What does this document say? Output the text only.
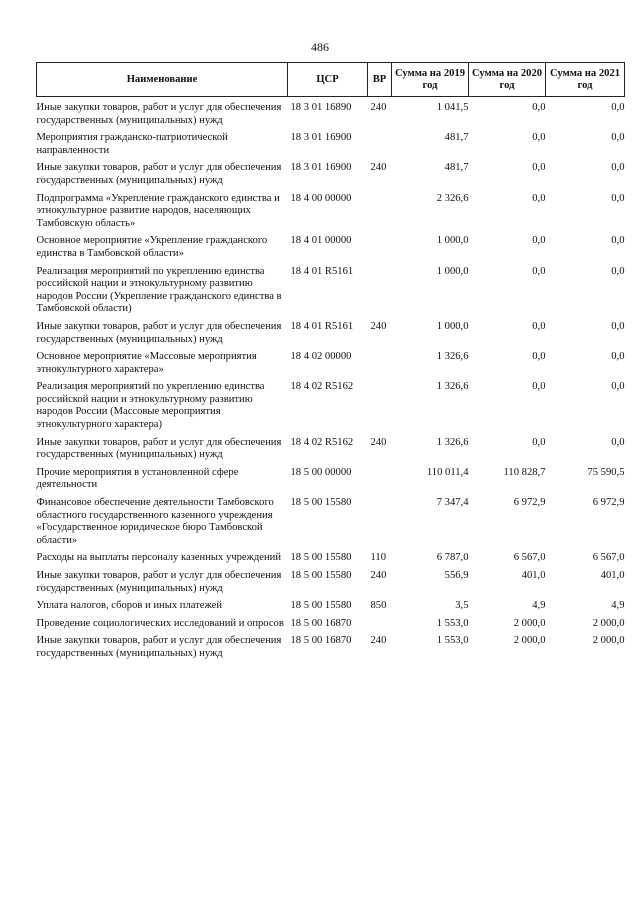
486
Наименование	ЦСР	ВР	Сумма на 2019 год	Сумма на 2020 год	Сумма на 2021 год
Иные закупки товаров, работ и услуг для обеспечения государственных (муниципальных) нужд	18 3 01 16890	240	1 041,5	0,0	0,0
Мероприятия гражданско-патриотической направленности	18 3 01 16900		481,7	0,0	0,0
Иные закупки товаров, работ и услуг для обеспечения государственных (муниципальных) нужд	18 3 01 16900	240	481,7	0,0	0,0
Подпрограмма «Укрепление гражданского единства и этнокультурное развитие народов, населяющих Тамбовскую область»	18 4 00 00000		2 326,6	0,0	0,0
Основное мероприятие «Укрепление гражданского единства в Тамбовской области»	18 4 01 00000		1 000,0	0,0	0,0
Реализация мероприятий по укреплению единства российской нации и этнокультурному развитию народов России (Укрепление гражданского единства в Тамбовской области)	18 4 01 R5161		1 000,0	0,0	0,0
Иные закупки товаров, работ и услуг для обеспечения государственных (муниципальных) нужд	18 4 01 R5161	240	1 000,0	0,0	0,0
Основное мероприятие «Массовые мероприятия этнокультурного характера»	18 4 02 00000		1 326,6	0,0	0,0
Реализация мероприятий по укреплению единства российской нации и этнокультурному развитию народов России (Массовые мероприятия этнокультурного характера)	18 4 02 R5162		1 326,6	0,0	0,0
Иные закупки товаров, работ и услуг для обеспечения государственных (муниципальных) нужд	18 4 02 R5162	240	1 326,6	0,0	0,0
Прочие мероприятия в установленной сфере деятельности	18 5 00 00000		110 011,4	110 828,7	75 590,5
Финансовое обеспечение деятельности Тамбовского областного государственного казенного учреждения «Государственное юридическое бюро Тамбовской области»	18 5 00 15580		7 347,4	6 972,9	6 972,9
Расходы на выплаты персоналу казенных учреждений	18 5 00 15580	110	6 787,0	6 567,0	6 567,0
Иные закупки товаров, работ и услуг для обеспечения государственных (муниципальных) нужд	18 5 00 15580	240	556,9	401,0	401,0
Уплата налогов, сборов и иных платежей	18 5 00 15580	850	3,5	4,9	4,9
Проведение социологических исследований и опросов	18 5 00 16870		1 553,0	2 000,0	2 000,0
Иные закупки товаров, работ и услуг для обеспечения государственных (муниципальных) нужд	18 5 00 16870	240	1 553,0	2 000,0	2 000,0
